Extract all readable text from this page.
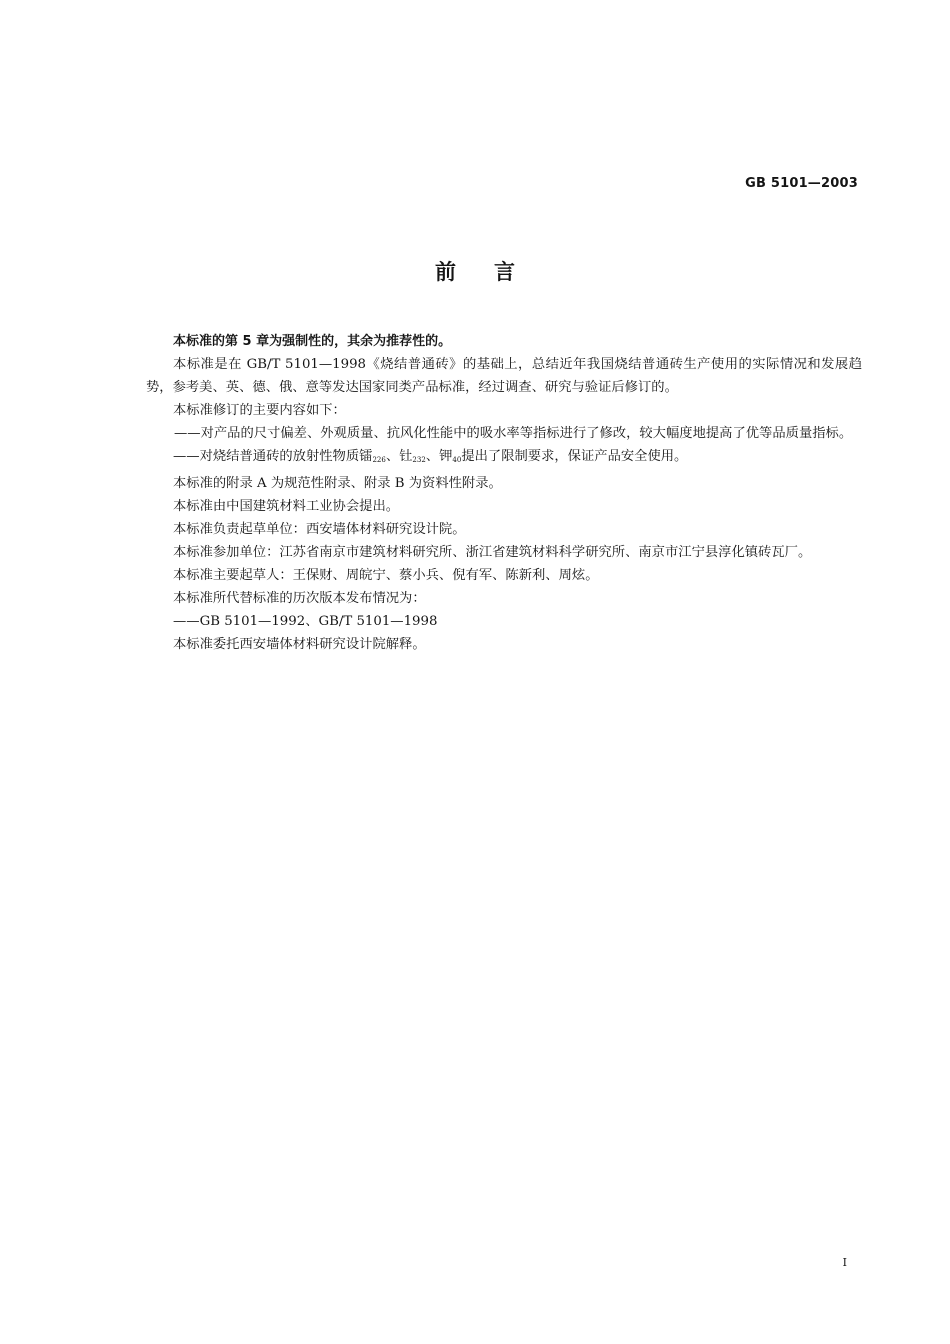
GB 5101—2003
前言

本标准的第 5 章为强制性的，其余为推荐性的。

本标准是在 GB/T 5101—1998《烧结普通砖》的基础上，总结近年我国烧结普通砖生产使用的实际情况和发展趋势，参考美、英、德、俄、意等发达国家同类产品标准，经过调查、研究与验证后修订的。

本标准修订的主要内容如下：

——对产品的尺寸偏差、外观质量、抗风化性能中的吸水率等指标进行了修改，较大幅度地提高了优等品质量指标。

——对烧结普通砖的放射性物质镭$_{226}$、钍$_{232}$、钾$_{40}$提出了限制要求，保证产品安全使用。

本标准的附录 A 为规范性附录、附录 B 为资料性附录。

本标准由中国建筑材料工业协会提出。

本标准负责起草单位：西安墙体材料研究设计院。

本标准参加单位：江苏省南京市建筑材料研究所、浙江省建筑材料科学研究所、南京市江宁县淳化镇砖瓦厂。

本标准主要起草人：王保财、周皖宁、蔡小兵、倪有军、陈新利、周炫。

本标准所代替标准的历次版本发布情况为：

——GB 5101—1992、GB/T 5101—1998

本标准委托西安墙体材料研究设计院解释。

I
